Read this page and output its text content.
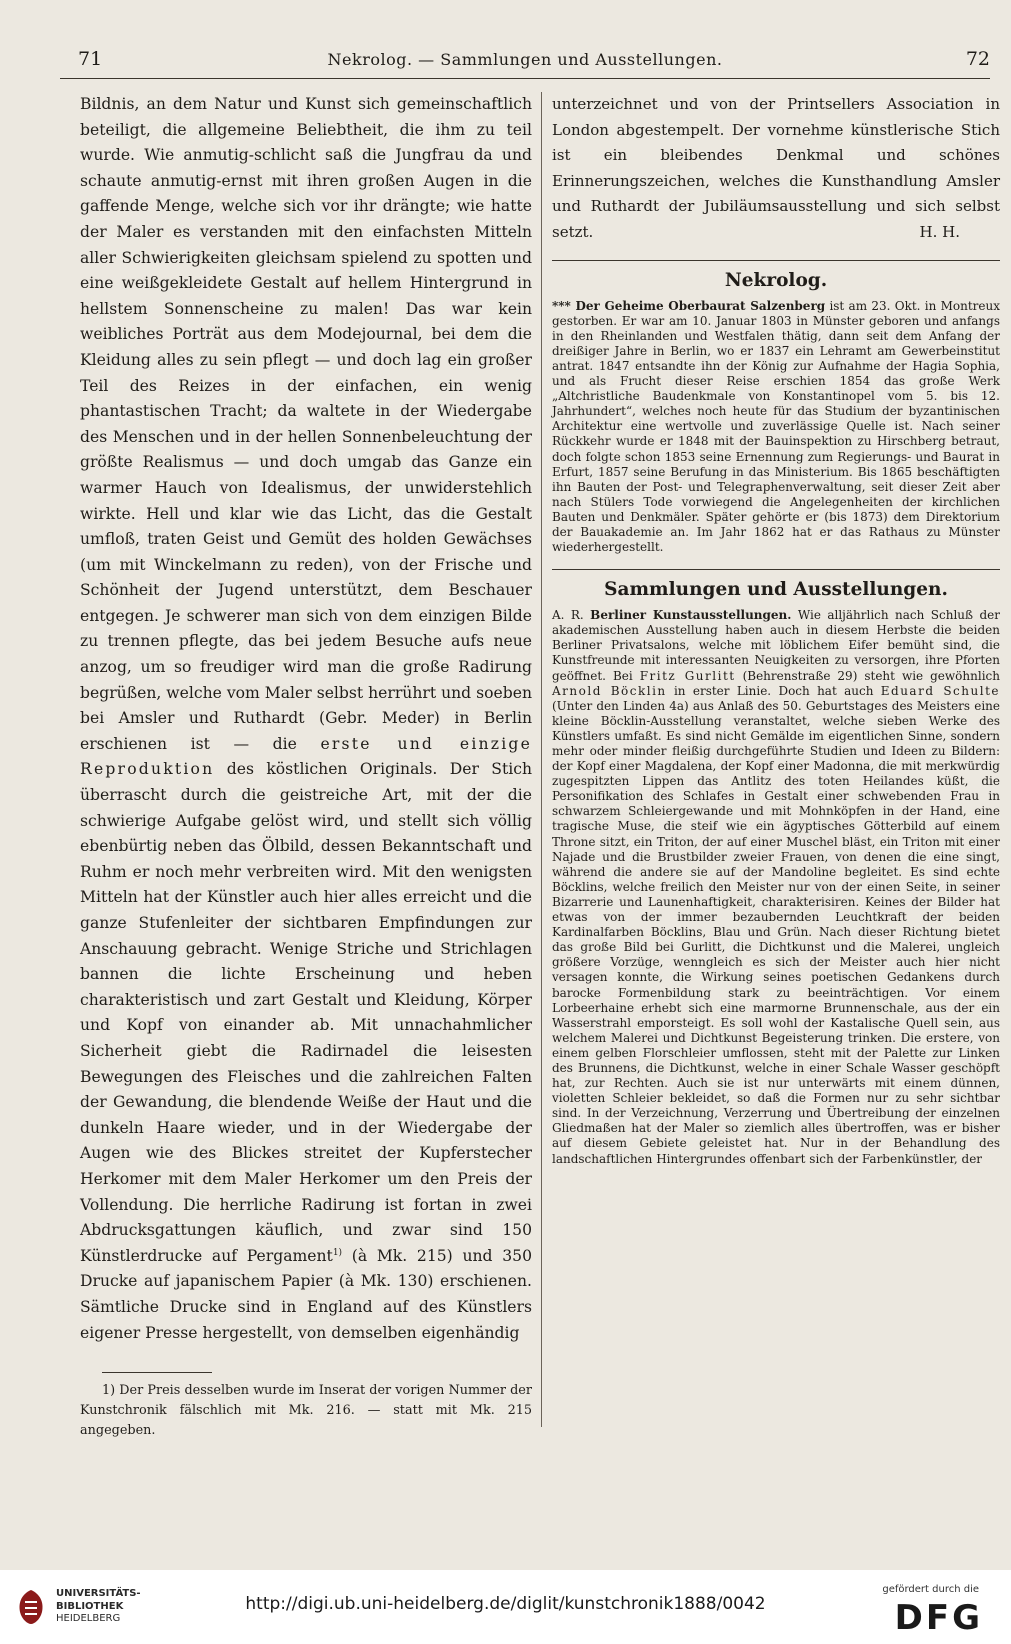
71	Nekrolog. — Sammlungen und Ausstellungen.	72

Bildnis, an dem Natur und Kunst sich gemeinschaftlich beteiligt, die allgemeine Beliebtheit, die ihm zu teil wurde. Wie anmutig-schlicht saß die Jungfrau da und schaute anmutig-ernst mit ihren großen Augen in die gaffende Menge, welche sich vor ihr drängte; wie hatte der Maler es verstanden mit den einfachsten Mitteln aller Schwierigkeiten gleichsam spielend zu spotten und eine weißgekleidete Gestalt auf hellem Hintergrund in hellstem Sonnenscheine zu malen! Das war kein weibliches Porträt aus dem Modejournal, bei dem die Kleidung alles zu sein pflegt — und doch lag ein großer Teil des Reizes in der einfachen, ein wenig phantastischen Tracht; da waltete in der Wiedergabe des Menschen und in der hellen Sonnenbeleuchtung der größte Realismus — und doch umgab das Ganze ein warmer Hauch von Idealismus, der unwiderstehlich wirkte. Hell und klar wie das Licht, das die Gestalt umfloß, traten Geist und Gemüt des holden Gewächses (um mit Winckelmann zu reden), von der Frische und Schönheit der Jugend unterstützt, dem Beschauer entgegen. Je schwerer man sich von dem einzigen Bilde zu trennen pflegte, das bei jedem Besuche aufs neue anzog, um so freudiger wird man die große Radirung begrüßen, welche vom Maler selbst herrührt und soeben bei Amsler und Ruthardt (Gebr. Meder) in Berlin erschienen ist — die erste und einzige Reproduktion des köstlichen Originals. Der Stich überrascht durch die geistreiche Art, mit der die schwierige Aufgabe gelöst wird, und stellt sich völlig ebenbürtig neben das Ölbild, dessen Bekanntschaft und Ruhm er noch mehr verbreiten wird. Mit den wenigsten Mitteln hat der Künstler auch hier alles erreicht und die ganze Stufenleiter der sichtbaren Empfindungen zur Anschauung gebracht. Wenige Striche und Strichlagen bannen die lichte Erscheinung und heben charakteristisch und zart Gestalt und Kleidung, Körper und Kopf von einander ab. Mit unnachahmlicher Sicherheit giebt die Radirnadel die leisesten Bewegungen des Fleisches und die zahlreichen Falten der Gewandung, die blendende Weiße der Haut und die dunkeln Haare wieder, und in der Wiedergabe der Augen wie des Blickes streitet der Kupferstecher Herkomer mit dem Maler Herkomer um den Preis der Vollendung. Die herrliche Radirung ist fortan in zwei Abdrucksgattungen käuflich, und zwar sind 150 Künstlerdrucke auf Pergament$^{1)}$ (à Mk. 215) und 350 Drucke auf japanischem Papier (à Mk. 130) erschienen. Sämtliche Drucke sind in England auf des Künstlers eigener Presse hergestellt, von demselben eigenhändig

1) Der Preis desselben wurde im Inserat der vorigen Nummer der Kunstchronik fälschlich mit Mk. 216. — statt mit Mk. 215 angegeben.

unterzeichnet und von der Printsellers Association in London abgestempelt. Der vornehme künstlerische Stich ist ein bleibendes Denkmal und schönes Erinnerungszeichen, welches die Kunsthandlung Amsler und Ruthardt der Jubiläumsausstellung und sich selbst setzt.	H. H.

Nekrolog.

*** Der Geheime Oberbaurat Salzenberg ist am 23. Okt. in Montreux gestorben. Er war am 10. Januar 1803 in Münster geboren und anfangs in den Rheinlanden und Westfalen thätig, dann seit dem Anfang der dreißiger Jahre in Berlin, wo er 1837 ein Lehramt am Gewerbeinstitut antrat. 1847 entsandte ihn der König zur Aufnahme der Hagia Sophia, und als Frucht dieser Reise erschien 1854 das große Werk „Altchristliche Baudenkmale von Konstantinopel vom 5. bis 12. Jahrhundert“, welches noch heute für das Studium der byzantinischen Architektur eine wertvolle und zuverlässige Quelle ist. Nach seiner Rückkehr wurde er 1848 mit der Bauinspektion zu Hirschberg betraut, doch folgte schon 1853 seine Ernennung zum Regierungs- und Baurat in Erfurt, 1857 seine Berufung in das Ministerium. Bis 1865 beschäftigten ihn Bauten der Post- und Telegraphenverwaltung, seit dieser Zeit aber nach Stülers Tode vorwiegend die Angelegenheiten der kirchlichen Bauten und Denkmäler. Später gehörte er (bis 1873) dem Direktorium der Bauakademie an. Im Jahr 1862 hat er das Rathaus zu Münster wiederhergestellt.

Sammlungen und Ausstellungen.

A. R. Berliner Kunstausstellungen. Wie alljährlich nach Schluß der akademischen Ausstellung haben auch in diesem Herbste die beiden Berliner Privatsalons, welche mit löblichem Eifer bemüht sind, die Kunstfreunde mit interessanten Neuigkeiten zu versorgen, ihre Pforten geöffnet. Bei Fritz Gurlitt (Behrenstraße 29) steht wie gewöhnlich Arnold Böcklin in erster Linie. Doch hat auch Eduard Schulte (Unter den Linden 4a) aus Anlaß des 50. Geburtstages des Meisters eine kleine Böcklin-Ausstellung veranstaltet, welche sieben Werke des Künstlers umfaßt. Es sind nicht Gemälde im eigentlichen Sinne, sondern mehr oder minder fleißig durchgeführte Studien und Ideen zu Bildern: der Kopf einer Magdalena, der Kopf einer Madonna, die mit merkwürdig zugespitzten Lippen das Antlitz des toten Heilandes küßt, die Personifikation des Schlafes in Gestalt einer schwebenden Frau in schwarzem Schleiergewande und mit Mohnköpfen in der Hand, eine tragische Muse, die steif wie ein ägyptisches Götterbild auf einem Throne sitzt, ein Triton, der auf einer Muschel bläst, ein Triton mit einer Najade und die Brustbilder zweier Frauen, von denen die eine singt, während die andere sie auf der Mandoline begleitet. Es sind echte Böcklins, welche freilich den Meister nur von der einen Seite, in seiner Bizarrerie und Launenhaftigkeit, charakterisiren. Keines der Bilder hat etwas von der immer bezaubernden Leuchtkraft der beiden Kardinalfarben Böcklins, Blau und Grün. Nach dieser Richtung bietet das große Bild bei Gurlitt, die Dichtkunst und die Malerei, ungleich größere Vorzüge, wenngleich es sich der Meister auch hier nicht versagen konnte, die Wirkung seines poetischen Gedankens durch barocke Formenbildung stark zu beeinträchtigen. Vor einem Lorbeerhaine erhebt sich eine marmorne Brunnenschale, aus der ein Wasserstrahl emporsteigt. Es soll wohl der Kastalische Quell sein, aus welchem Malerei und Dichtkunst Begeisterung trinken. Die erstere, von einem gelben Florschleier umflossen, steht mit der Palette zur Linken des Brunnens, die Dichtkunst, welche in einer Schale Wasser geschöpft hat, zur Rechten. Auch sie ist nur unterwärts mit einem dünnen, violetten Schleier bekleidet, so daß die Formen nur zu sehr sichtbar sind. In der Verzeichnung, Verzerrung und Übertreibung der einzelnen Gliedmaßen hat der Maler so ziemlich alles übertroffen, was er bisher auf diesem Gebiete geleistet hat. Nur in der Behandlung des landschaftlichen Hintergrundes offenbart sich der Farbenkünstler, der

UNIVERSITÄTS-
BIBLIOTHEK
HEIDELBERG
http://digi.ub.uni-heidelberg.de/diglit/kunstchronik1888/0042
gefördert durch die
DFG
